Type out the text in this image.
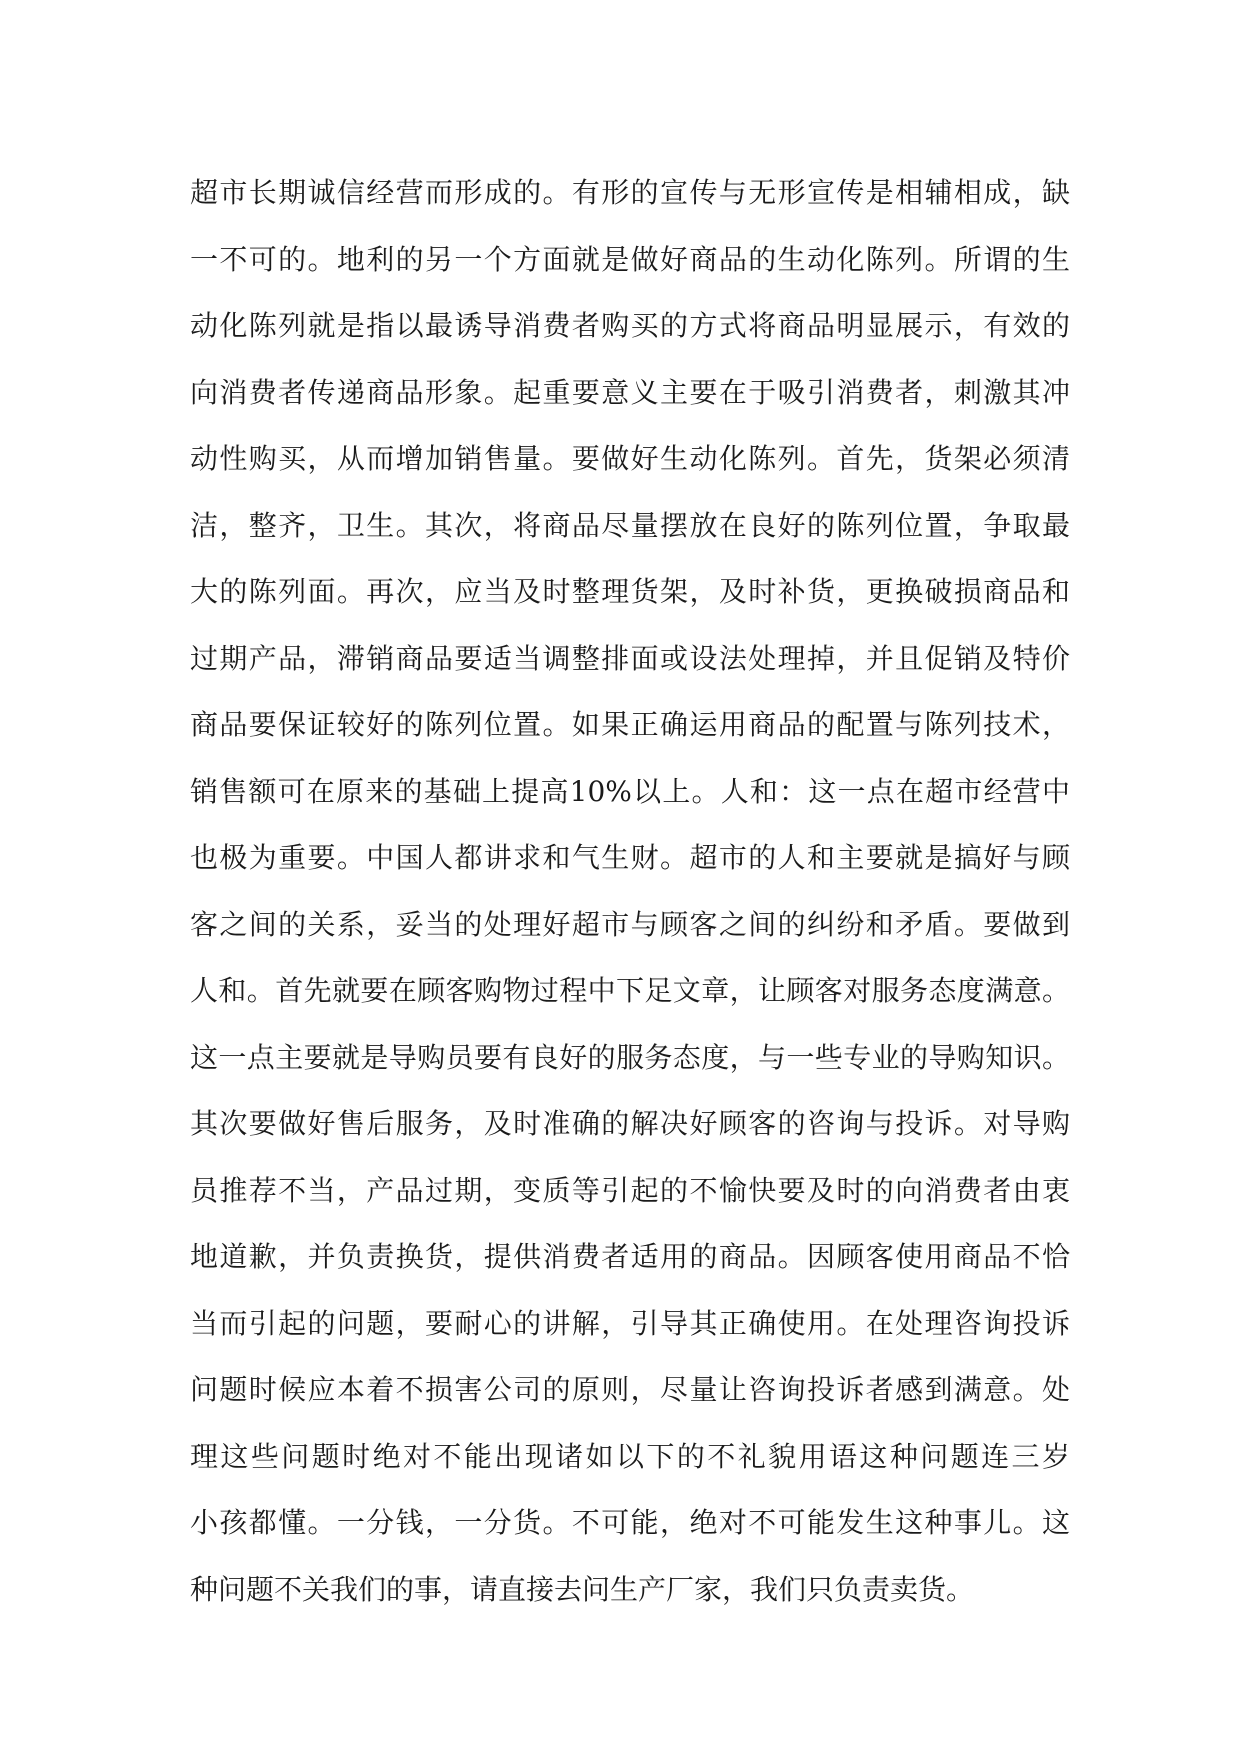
超市长期诚信经营而形成的。有形的宣传与无形宣传是相辅相成，缺
一不可的。地利的另一个方面就是做好商品的生动化陈列。所谓的生
动化陈列就是指以最诱导消费者购买的方式将商品明显展示，有效的
向消费者传递商品形象。起重要意义主要在于吸引消费者，刺激其冲
动性购买，从而增加销售量。要做好生动化陈列。首先，货架必须清
洁，整齐，卫生。其次，将商品尽量摆放在良好的陈列位置，争取最
大的陈列面。再次，应当及时整理货架，及时补货，更换破损商品和
过期产品，滞销商品要适当调整排面或设法处理掉，并且促销及特价
商品要保证较好的陈列位置。如果正确运用商品的配置与陈列技术，
销售额可在原来的基础上提高10%以上。人和：这一点在超市经营中
也极为重要。中国人都讲求和气生财。超市的人和主要就是搞好与顾
客之间的关系，妥当的处理好超市与顾客之间的纠纷和矛盾。要做到
人和。首先就要在顾客购物过程中下足文章，让顾客对服务态度满意。
这一点主要就是导购员要有良好的服务态度，与一些专业的导购知识。
其次要做好售后服务，及时准确的解决好顾客的咨询与投诉。对导购
员推荐不当，产品过期，变质等引起的不愉快要及时的向消费者由衷
地道歉，并负责换货，提供消费者适用的商品。因顾客使用商品不恰
当而引起的问题，要耐心的讲解，引导其正确使用。在处理咨询投诉
问题时候应本着不损害公司的原则，尽量让咨询投诉者感到满意。处
理这些问题时绝对不能出现诸如以下的不礼貌用语这种问题连三岁
小孩都懂。一分钱，一分货。不可能，绝对不可能发生这种事儿。这
种问题不关我们的事，请直接去问生产厂家，我们只负责卖货。
